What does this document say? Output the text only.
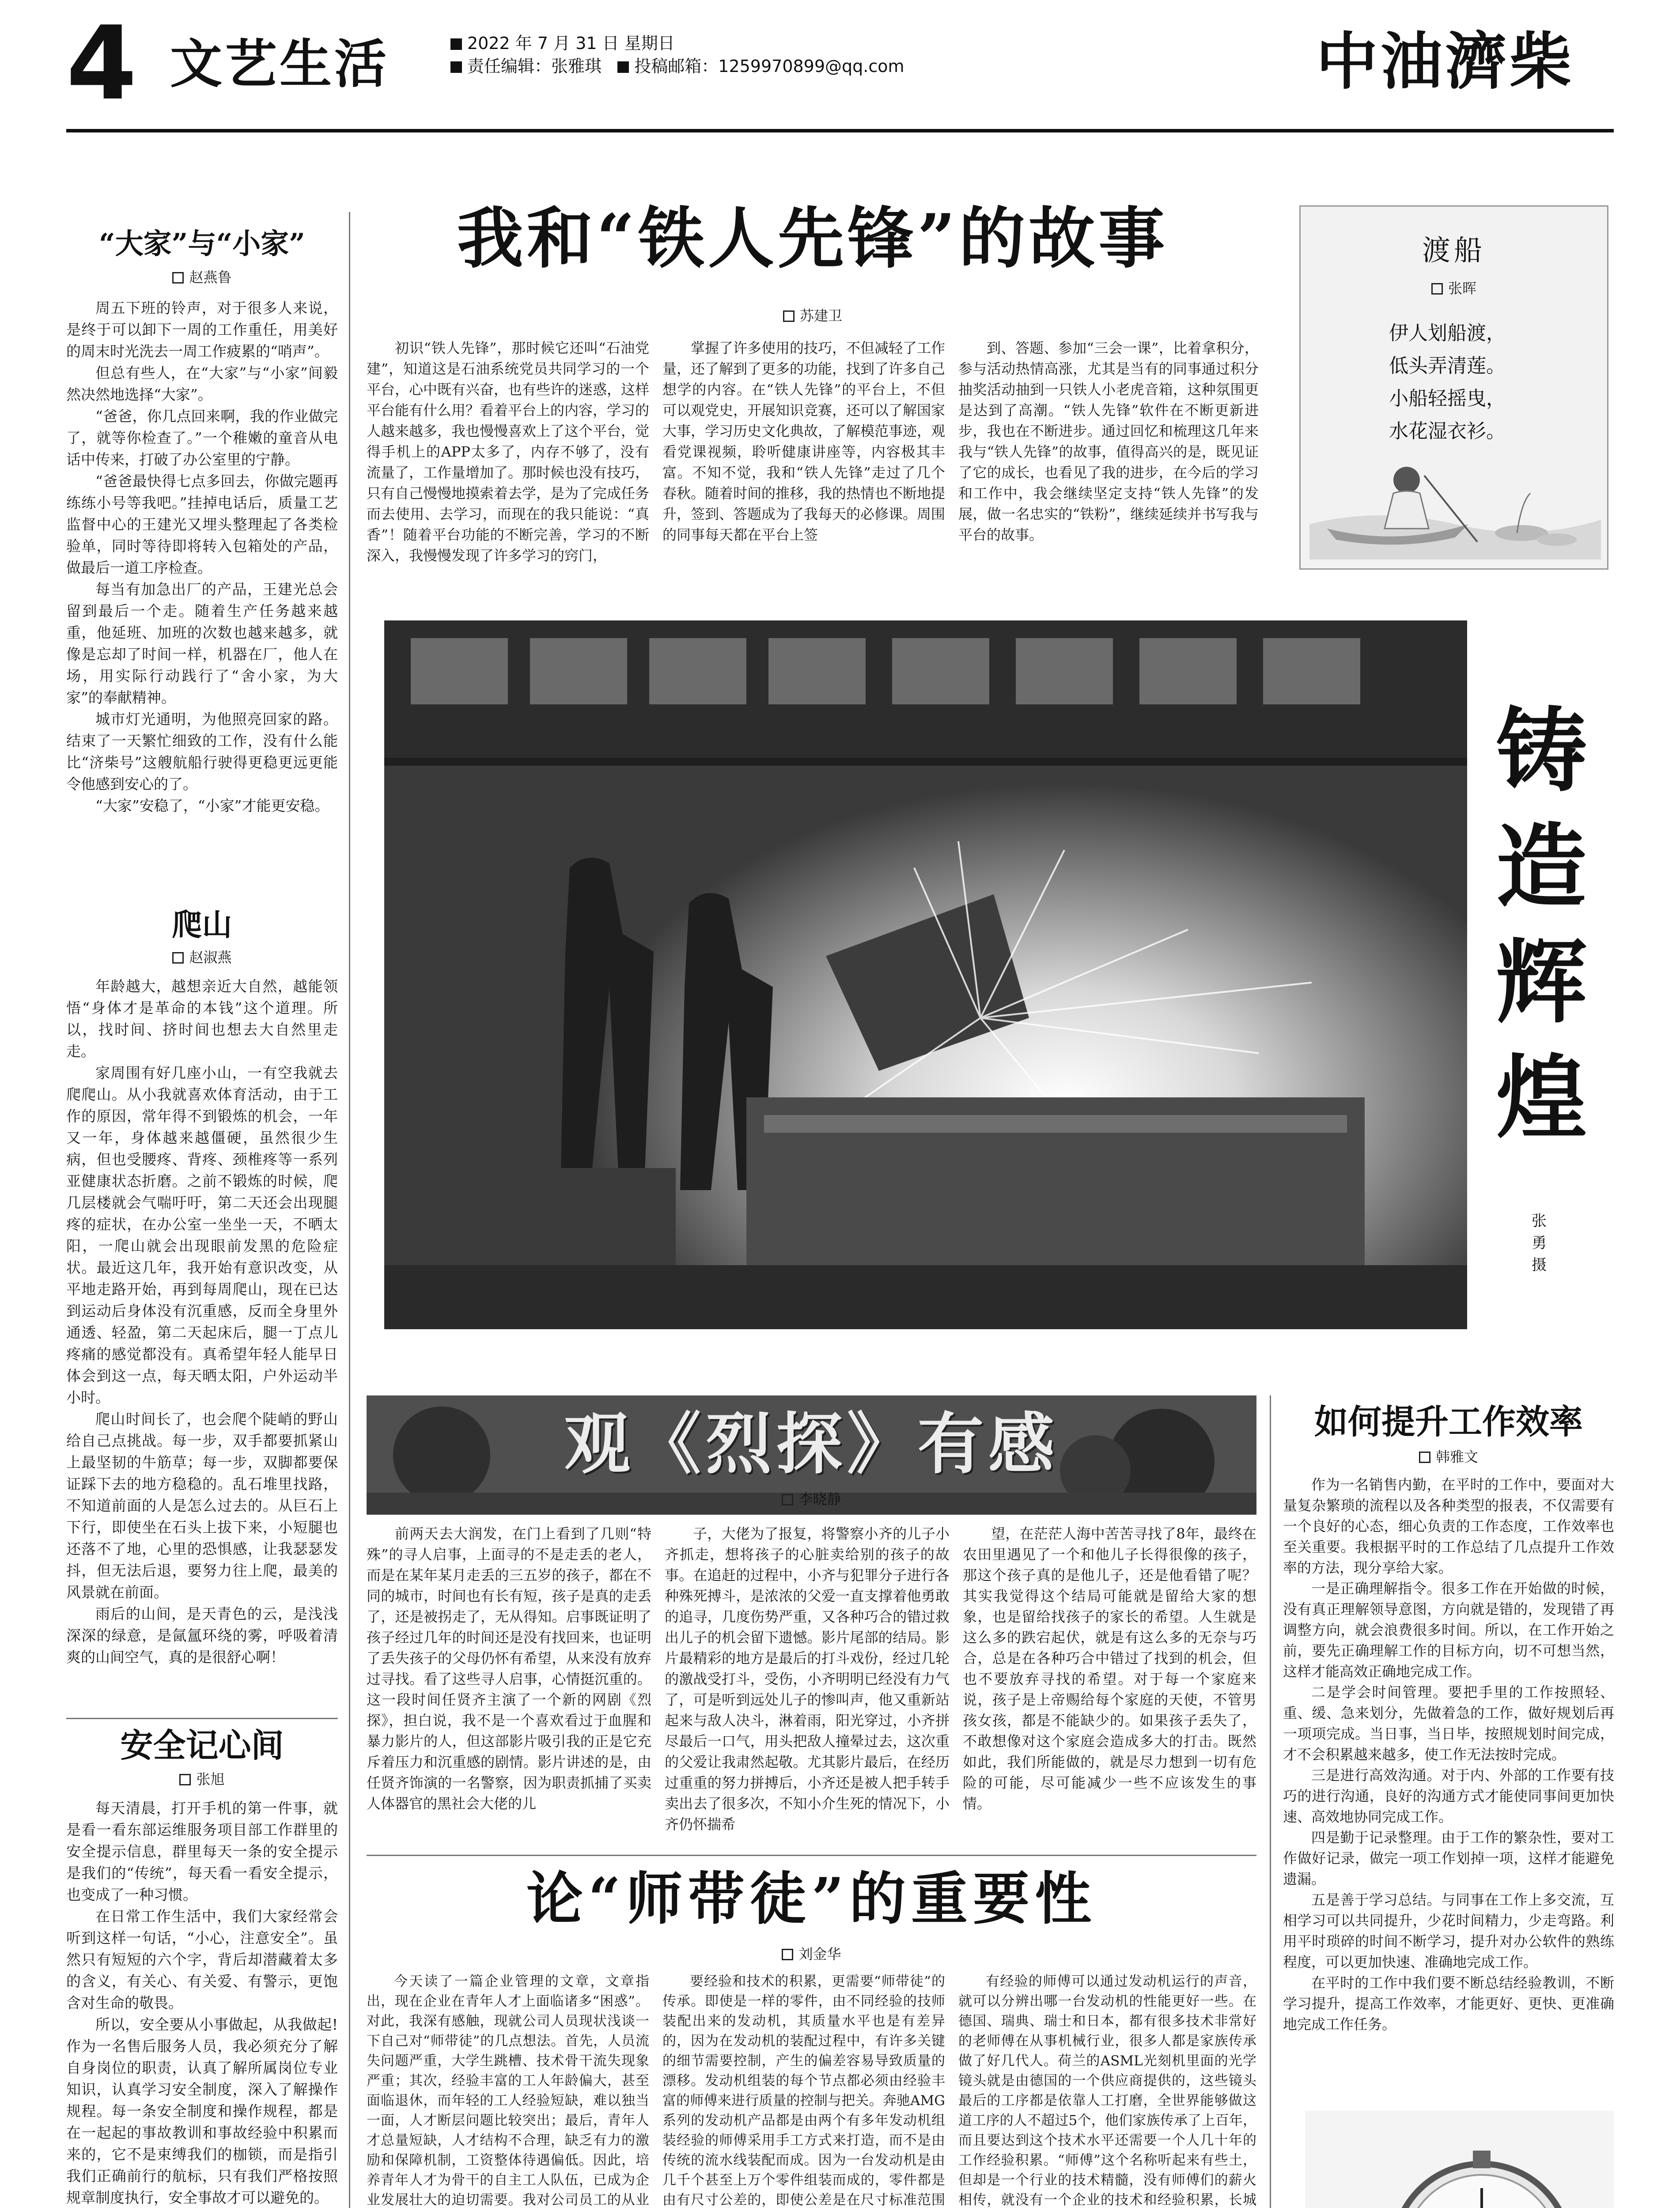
4 文艺生活	2022 年 7 月 31 日 星期日
责任编辑：张雅琪 投稿邮箱：1259970899@qq.com	中油濟柴
“大家”与“小家”
赵燕鲁

周五下班的铃声，对于很多人来说，是终于可以卸下一周的工作重任，用美好的周末时光洗去一周工作疲累的“哨声”。

但总有些人，在“大家”与“小家”间毅然决然地选择“大家”。

“爸爸，你几点回来啊，我的作业做完了，就等你检查了。”一个稚嫩的童音从电话中传来，打破了办公室里的宁静。

“爸爸最快得七点多回去，你做完题再练练小号等我吧。”挂掉电话后，质量工艺监督中心的王建光又埋头整理起了各类检验单，同时等待即将转入包箱处的产品，做最后一道工序检查。

每当有加急出厂的产品，王建光总会留到最后一个走。随着生产任务越来越重，他延班、加班的次数也越来越多，就像是忘却了时间一样，机器在厂，他人在场，用实际行动践行了“舍小家，为大家”的奉献精神。

城市灯光通明，为他照亮回家的路。结束了一天繁忙细致的工作，没有什么能比“济柴号”这艘航船行驶得更稳更远更能令他感到安心的了。

“大家”安稳了，“小家”才能更安稳。

爬山
赵淑燕

年龄越大，越想亲近大自然，越能领悟“身体才是革命的本钱”这个道理。所以，找时间、挤时间也想去大自然里走走。

家周围有好几座小山，一有空我就去爬爬山。从小我就喜欢体育活动，由于工作的原因，常年得不到锻炼的机会，一年又一年，身体越来越僵硬，虽然很少生病，但也受腰疼、背疼、颈椎疼等一系列亚健康状态折磨。之前不锻炼的时候，爬几层楼就会气喘吁吁，第二天还会出现腿疼的症状，在办公室一坐坐一天，不晒太阳，一爬山就会出现眼前发黑的危险症状。最近这几年，我开始有意识改变，从平地走路开始，再到每周爬山，现在已达到运动后身体没有沉重感，反而全身里外通透、轻盈，第二天起床后，腿一丁点儿疼痛的感觉都没有。真希望年轻人能早日体会到这一点，每天晒太阳，户外运动半小时。

爬山时间长了，也会爬个陡峭的野山给自己点挑战。每一步，双手都要抓紧山上最坚韧的牛筋草；每一步，双脚都要保证踩下去的地方稳稳的。乱石堆里找路，不知道前面的人是怎么过去的。从巨石上下行，即使坐在石头上拔下来，小短腿也还落不了地，心里的恐惧感，让我瑟瑟发抖，但无法后退，要努力往上爬，最美的风景就在前面。

雨后的山间，是天青色的云，是浅浅深深的绿意，是氤氲环绕的雾，呼吸着清爽的山间空气，真的是很舒心啊！

安全记心间
张旭

每天清晨，打开手机的第一件事，就是看一看东部运维服务项目部工作群里的安全提示信息，群里每天一条的安全提示是我们的“传统”，每天看一看安全提示，也变成了一种习惯。

在日常工作生活中，我们大家经常会听到这样一句话，“小心，注意安全”。虽然只有短短的六个字，背后却潜藏着太多的含义，有关心、有关爱、有警示，更饱含对生命的敬畏。

所以，安全要从小事做起，从我做起!作为一名售后服务人员，我必须充分了解自身岗位的职责，认真了解所属岗位专业知识，认真学习安全制度，深入了解操作规程。每一条安全制度和操作规程，都是在一起起的事故教训和事故经验中积累而来的，它不是束缚我们的枷锁，而是指引我们正确前行的航标，只有我们严格按照规章制度执行，安全事故才可以避免的。

我和“铁人先锋”的故事
苏建卫

初识“铁人先锋”，那时候它还叫“石油党建”，知道这是石油系统党员共同学习的一个平台，心中既有兴奋，也有些许的迷惑，这样平台能有什么用？看着平台上的内容，学习的人越来越多，我也慢慢喜欢上了这个平台，觉得手机上的APP太多了，内存不够了，没有流量了，工作量增加了。那时候也没有技巧，只有自己慢慢地摸索着去学，是为了完成任务而去使用、去学习，而现在的我只能说：“真香”！随着平台功能的不断完善，学习的不断深入，我慢慢发现了许多学习的窍门，

掌握了许多使用的技巧，不但减轻了工作量，还了解到了更多的功能，找到了许多自己想学的内容。在“铁人先锋”的平台上，不但可以观党史，开展知识竞赛，还可以了解国家大事，学习历史文化典故，了解模范事迹，观看党课视频，聆听健康讲座等，内容极其丰富。不知不觉，我和“铁人先锋”走过了几个春秋。随着时间的推移，我的热情也不断地提升，签到、答题成为了我每天的必修课。周围的同事每天都在平台上签

到、答题、参加“三会一课”，比着拿积分，参与活动热情高涨，尤其是当有的同事通过积分抽奖活动抽到一只铁人小老虎音箱，这种氛围更是达到了高潮。“铁人先锋”软件在不断更新进步，我也在不断进步。通过回忆和梳理这几年来我与“铁人先锋”的故事，值得高兴的是，既见证了它的成长，也看见了我的进步，在今后的学习和工作中，我会继续坚定支持“铁人先锋”的发展，做一名忠实的“铁粉”，继续延续并书写我与平台的故事。

渡船
张晖
伊人划船渡，
低头弄清莲。
小船轻摇曳，
水花湿衣衫。
铸造辉煌
张勇 摄
观《烈探》有感
李晓静

前两天去大润发，在门上看到了几则“特殊”的寻人启事，上面寻的不是走丢的老人，而是在某年某月走丢的三五岁的孩子，都在不同的城市，时间也有长有短，孩子是真的走丢了，还是被拐走了，无从得知。启事既证明了孩子经过几年的时间还是没有找回来，也证明了丢失孩子的父母仍怀有希望，从来没有放弃过寻找。看了这些寻人启事，心情挺沉重的。这一段时间任贤齐主演了一个新的网剧《烈探》，担白说，我不是一个喜欢看过于血腥和暴力影片的人，但这部影片吸引我的正是它充斥着压力和沉重感的剧情。影片讲述的是，由任贤齐饰演的一名警察，因为职责抓捕了买卖人体器官的黑社会大佬的儿

子，大佬为了报复，将警察小齐的儿子小齐抓走，想将孩子的心脏卖给别的孩子的故事。在追赶的过程中，小齐与犯罪分子进行各种殊死搏斗，是浓浓的父爱一直支撑着他勇敢的追寻，几度伤势严重，又各种巧合的错过救出儿子的机会留下遗憾。影片尾部的结局。影片最精彩的地方是最后的打斗戏份，经过几轮的激战受打斗，受伤，小齐明明已经没有力气了，可是听到远处儿子的惨叫声，他又重新站起来与敌人决斗，淋着雨，阳光穿过，小齐拼尽最后一口气，用头把敌人撞晕过去，这次重的父爱让我肃然起敬。尤其影片最后，在经历过重重的努力拼搏后，小齐还是被人把手转手卖出去了很多次，不知小介生死的情况下，小齐仍怀揣希

望，在茫茫人海中苦苦寻找了8年，最终在农田里遇见了一个和他儿子长得很像的孩子，那这个孩子真的是他儿子，还是他看错了呢？其实我觉得这个结局可能就是留给大家的想象，也是留给找孩子的家长的希望。人生就是这么多的跌宕起伏，就是有这么多的无奈与巧合，总是在各种巧合中错过了找到的机会，但也不要放弃寻找的希望。对于每一个家庭来说，孩子是上帝赐给每个家庭的天使，不管男孩女孩，都是不能缺少的。如果孩子丢失了，不敢想像对这个家庭会造成多大的打击。既然如此，我们所能做的，就是尽力想到一切有危险的可能，尽可能减少一些不应该发生的事情。

如何提升工作效率
韩雅文

作为一名销售内勤，在平时的工作中，要面对大量复杂繁琐的流程以及各种类型的报表，不仅需要有一个良好的心态，细心负责的工作态度，工作效率也至关重要。我根据平时的工作总结了几点提升工作效率的方法，现分享给大家。

一是正确理解指令。很多工作在开始做的时候，没有真正理解领导意图，方向就是错的，发现错了再调整方向，就会浪费很多时间。所以，在工作开始之前，要先正确理解工作的目标方向，切不可想当然，这样才能高效正确地完成工作。

二是学会时间管理。要把手里的工作按照轻、重、缓、急来划分，先做着急的工作，做好规划后再一项项完成。当日事，当日毕，按照规划时间完成，才不会积累越来越多，使工作无法按时完成。

三是进行高效沟通。对于内、外部的工作要有技巧的进行沟通，良好的沟通方式才能使同事间更加快速、高效地协同完成工作。

四是勤于记录整理。由于工作的繁杂性，要对工作做好记录，做完一项工作划掉一项，这样才能避免遗漏。

五是善于学习总结。与同事在工作上多交流，互相学习可以共同提升，少花时间精力，少走弯路。利用平时琐碎的时间不断学习，提升对办公软件的熟练程度，可以更加快速、准确地完成工作。

在平时的工作中我们要不断总结经验教训，不断学习提升，提高工作效率，才能更好、更快、更准确地完成工作任务。

论“师带徒”的重要性
刘金华

今天读了一篇企业管理的文章，文章指出，现在企业在青年人才上面临诸多“困惑”。对此，我深有感触，现就公司人员现状浅谈一下自己对“师带徒”的几点想法。首先，人员流失问题严重，大学生跳槽、技术骨干流失现象严重；其次，经验丰富的工人年龄偏大，甚至面临退休，而年轻的工人经验短缺，难以独当一面，人才断层问题比较突出；最后，青年人才总量短缺，人才结构不合理，缺乏有力的激励和保障机制，工资整体待遇偏低。因此，培养青年人才为骨干的自主工人队伍，已成为企业发展壮大的迫切需要。我对公司员工的从业

要经验和技术的积累，更需要“师带徒”的传承。即使是一样的零件，由不同经验的技师装配出来的发动机，其质量水平也是有差异的，因为在发动机的装配过程中，有许多关键的细节需要控制，产生的偏差容易导致质量的漂移。发动机组装的每个节点都必须由经验丰富的师傅来进行质量的控制与把关。奔驰AMG系列的发动机产品都是由两个有多年发动机组装经验的师傅采用手工方式来打造，而不是由传统的流水线装配而成。因为一台发动机是由几千个甚至上万个零件组装而成的，零件都是由有尺寸公差的，即使公差是在尺寸标准范围

有经验的师傅可以通过发动机运行的声音，就可以分辨出哪一台发动机的性能更好一些。在德国、瑞典、瑞士和日本，都有很多技术非常好的老师傅在从事机械行业，很多人都是家族传承做了好几代人。荷兰的ASML光刻机里面的光学镜头就是由德国的一个供应商提供的，这些镜头最后的工序都是依靠人工打磨，全世界能够做这道工序的人不超过5个，他们家族传承了上百年，而且要达到这个技术水平还需要一个人几十年的工作经验积累。“师傅”这个名称听起来有些土，但却是一个行业的技术精髓，没有师傅们的薪火相传，就没有一个企业的技术和经验积累，长城
